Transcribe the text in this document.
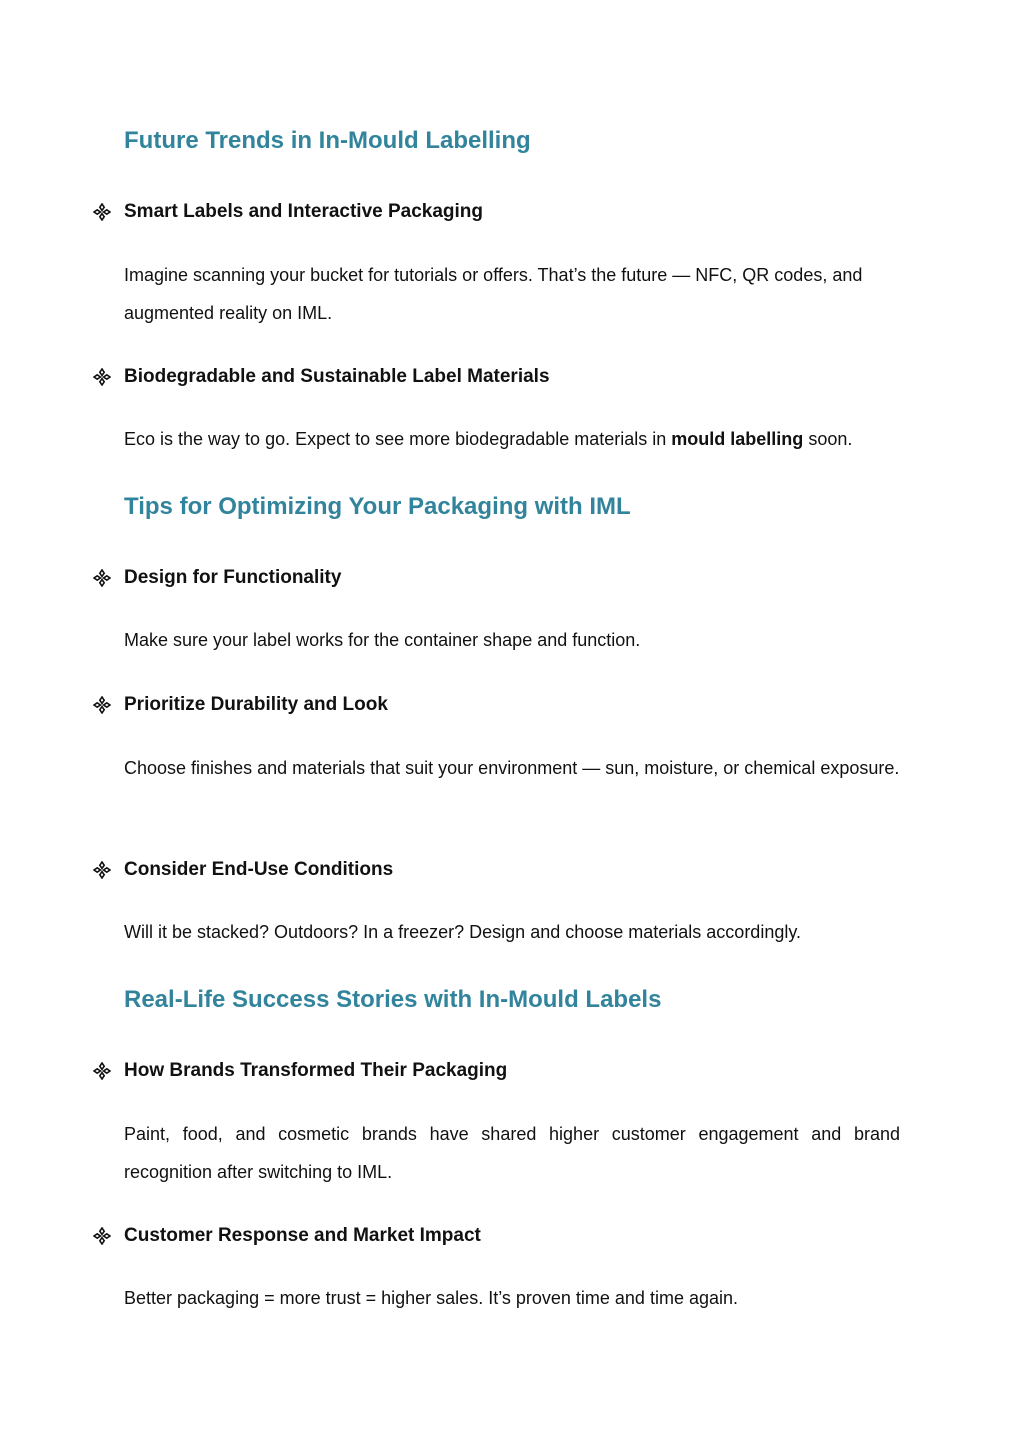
Future Trends in In-Mould Labelling
Smart Labels and Interactive Packaging

Imagine scanning your bucket for tutorials or offers. That’s the future — NFC, QR codes, and augmented reality on IML.

Biodegradable and Sustainable Label Materials

Eco is the way to go. Expect to see more biodegradable materials in mould labelling soon.

Tips for Optimizing Your Packaging with IML
Design for Functionality

Make sure your label works for the container shape and function.

Prioritize Durability and Look

Choose finishes and materials that suit your environment — sun, moisture, or chemical exposure.

Consider End-Use Conditions

Will it be stacked? Outdoors? In a freezer? Design and choose materials accordingly.

Real-Life Success Stories with In-Mould Labels
How Brands Transformed Their Packaging

Paint, food, and cosmetic brands have shared higher customer engagement and brand recognition after switching to IML.

Customer Response and Market Impact

Better packaging = more trust = higher sales. It’s proven time and time again.
